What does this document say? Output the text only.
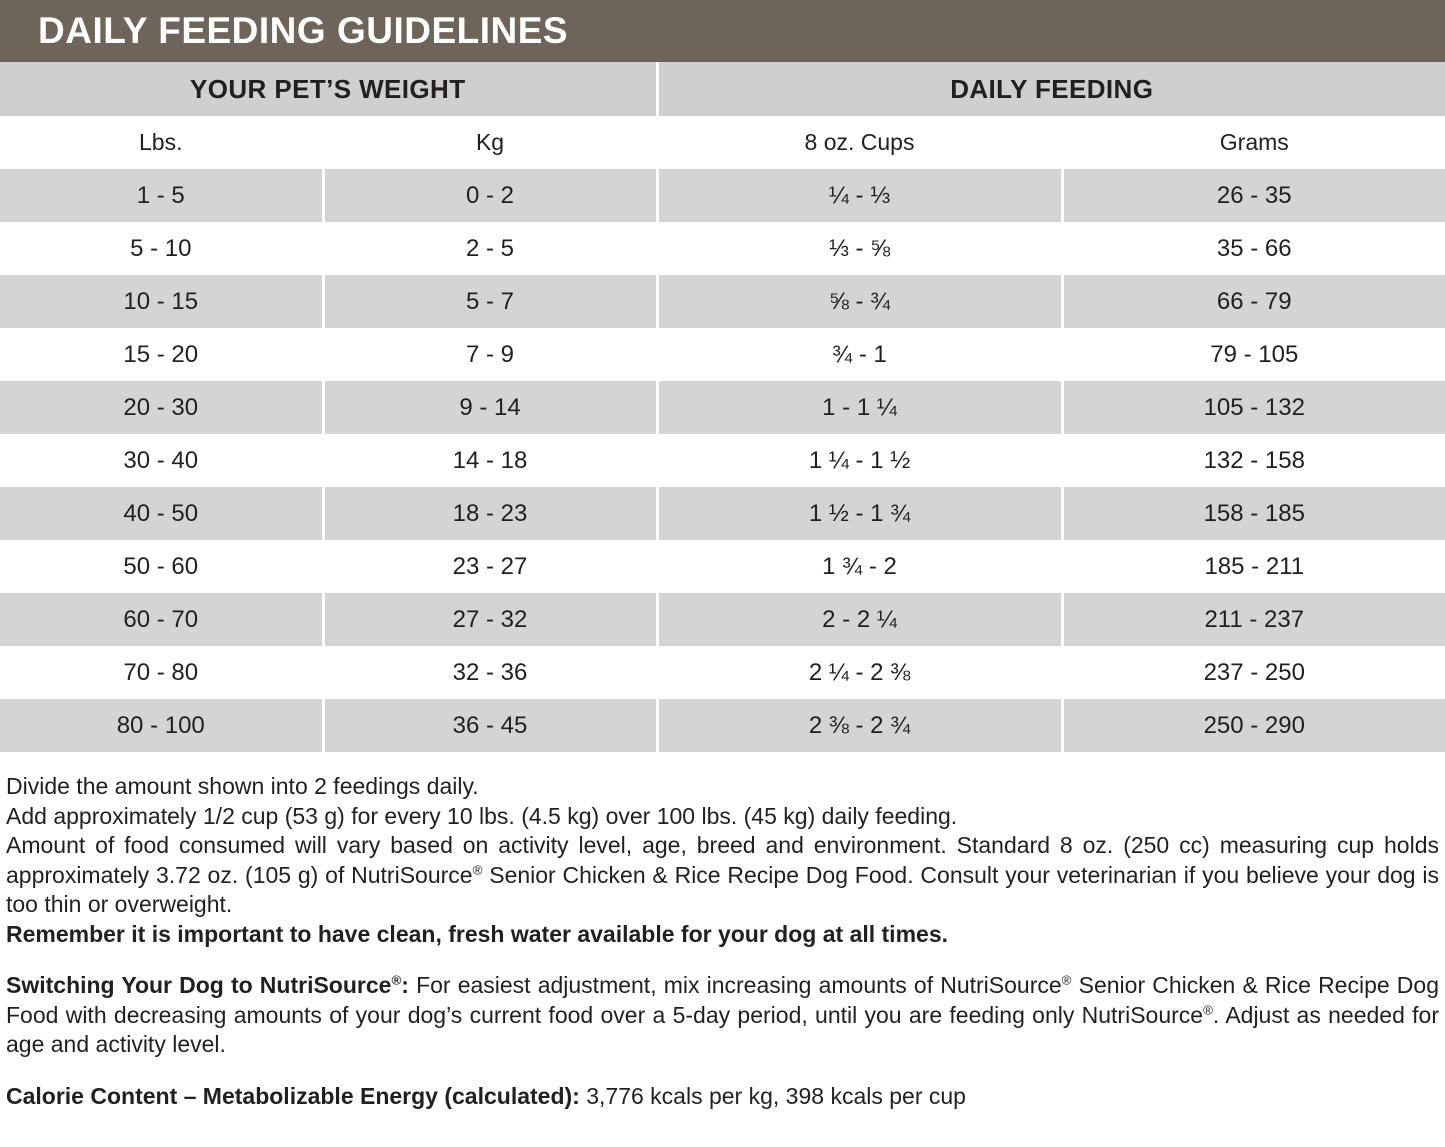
DAILY FEEDING GUIDELINES
YOUR PET’S WEIGHT		DAILY FEEDING	
Lbs.	Kg	8 oz. Cups	Grams
1 - 5	0 - 2	¼ - ⅓	26 - 35
5 - 10	2 - 5	⅓ - ⅝	35 - 66
10 - 15	5 - 7	⅝ - ¾	66 - 79
15 - 20	7 - 9	¾ - 1	79 - 105
20 - 30	9 - 14	1 - 1 ¼	105 - 132
30 - 40	14 - 18	1 ¼ - 1 ½	132 - 158
40 - 50	18 - 23	1 ½ - 1 ¾	158 - 185
50 - 60	23 - 27	1 ¾ - 2	185 - 211
60 - 70	27 - 32	2 - 2 ¼	211 - 237
70 - 80	32 - 36	2 ¼ - 2 ⅜	237 - 250
80 - 100	36 - 45	2 ⅜ - 2 ¾	250 - 290

Divide the amount shown into 2 feedings daily.

Add approximately 1/2 cup (53 g) for every 10 lbs. (4.5 kg) over 100 lbs. (45 kg) daily feeding.

Amount of food consumed will vary based on activity level, age, breed and environment. Standard 8 oz. (250 cc) measuring cup holds approximately 3.72 oz. (105 g) of NutriSource® Senior Chicken & Rice Recipe Dog Food. Consult your veterinarian if you believe your dog is too thin or overweight.

Remember it is important to have clean, fresh water available for your dog at all times.

Switching Your Dog to NutriSource®: For easiest adjustment, mix increasing amounts of NutriSource® Senior Chicken & Rice Recipe Dog Food with decreasing amounts of your dog’s current food over a 5-day period, until you are feeding only NutriSource®. Adjust as needed for age and activity level.

Calorie Content – Metabolizable Energy (calculated): 3,776 kcals per kg, 398 kcals per cup
